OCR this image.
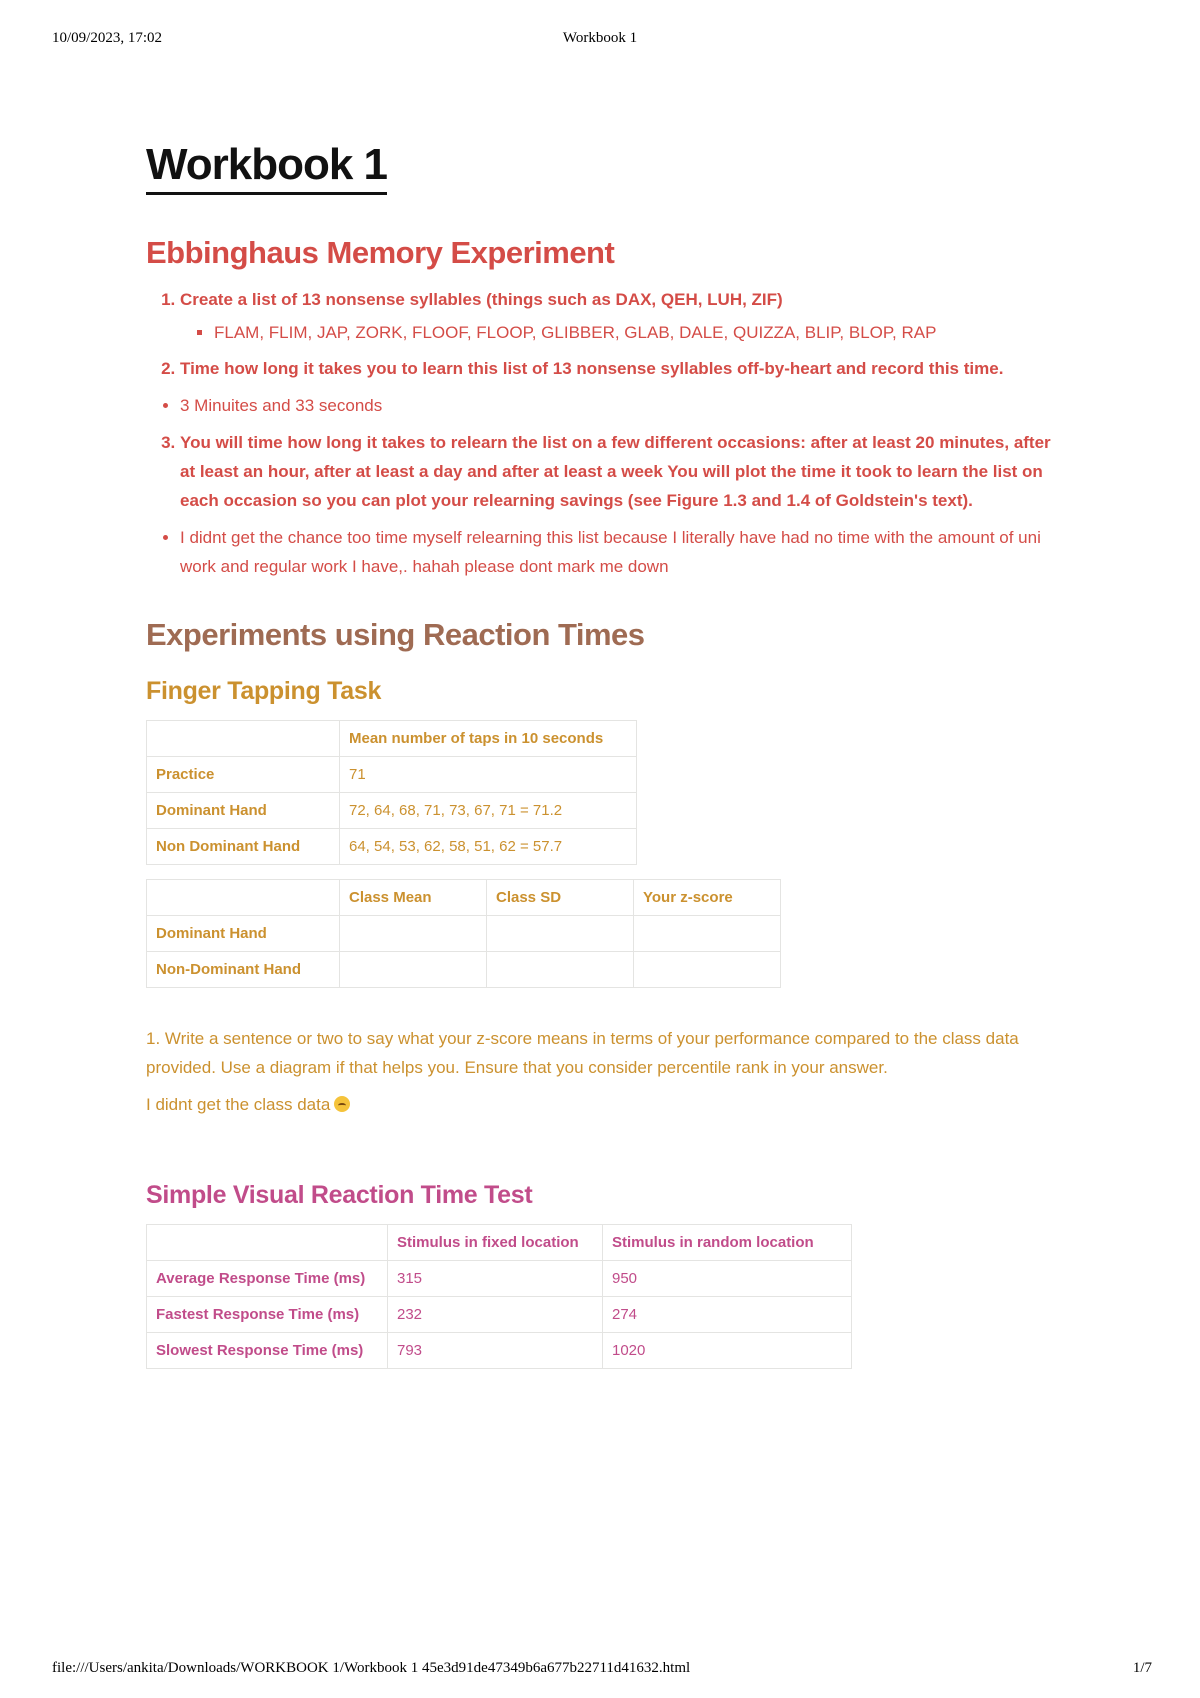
10/09/2023, 17:02	Workbook 1
Workbook 1
Ebbinghaus Memory Experiment
1. Create a list of 13 nonsense syllables (things such as DAX, QEH, LUH, ZIF)
▪ FLAM, FLIM, JAP, ZORK, FLOOF, FLOOP, GLIBBER, GLAB, DALE, QUIZZA, BLIP, BLOP, RAP
2. Time how long it takes you to learn this list of 13 nonsense syllables off-by-heart and record this time.
• 3 Minuites and 33 seconds
3. You will time how long it takes to relearn the list on a few different occasions: after at least 20 minutes, after at least an hour, after at least a day and after at least a week You will plot the time it took to learn the list on each occasion so you can plot your relearning savings (see Figure 1.3 and 1.4 of Goldstein's text).
• I didnt get the chance too time myself relearning this list because I literally have had no time with the amount of uni work and regular work I have,. hahah please dont mark me down
Experiments using Reaction Times
Finger Tapping Task
	Mean number of taps in 10 seconds
Practice	71
Dominant Hand	72, 64, 68, 71, 73, 67, 71 = 71.2
Non Dominant Hand	64, 54, 53, 62, 58, 51, 62 = 57.7
	Class Mean	Class SD	Your z-score
Dominant Hand			
Non-Dominant Hand			

1. Write a sentence or two to say what your z-score means in terms of your performance compared to the class data provided. Use a diagram if that helps you. Ensure that you consider percentile rank in your answer.

I didnt get the class data

Simple Visual Reaction Time Test
	Stimulus in fixed location	Stimulus in random location
Average Response Time (ms)	315	950
Fastest Response Time (ms)	232	274
Slowest Response Time (ms)	793	1020
file:///Users/ankita/Downloads/WORKBOOK 1/Workbook 1 45e3d91de47349b6a677b22711d41632.html	1/7
